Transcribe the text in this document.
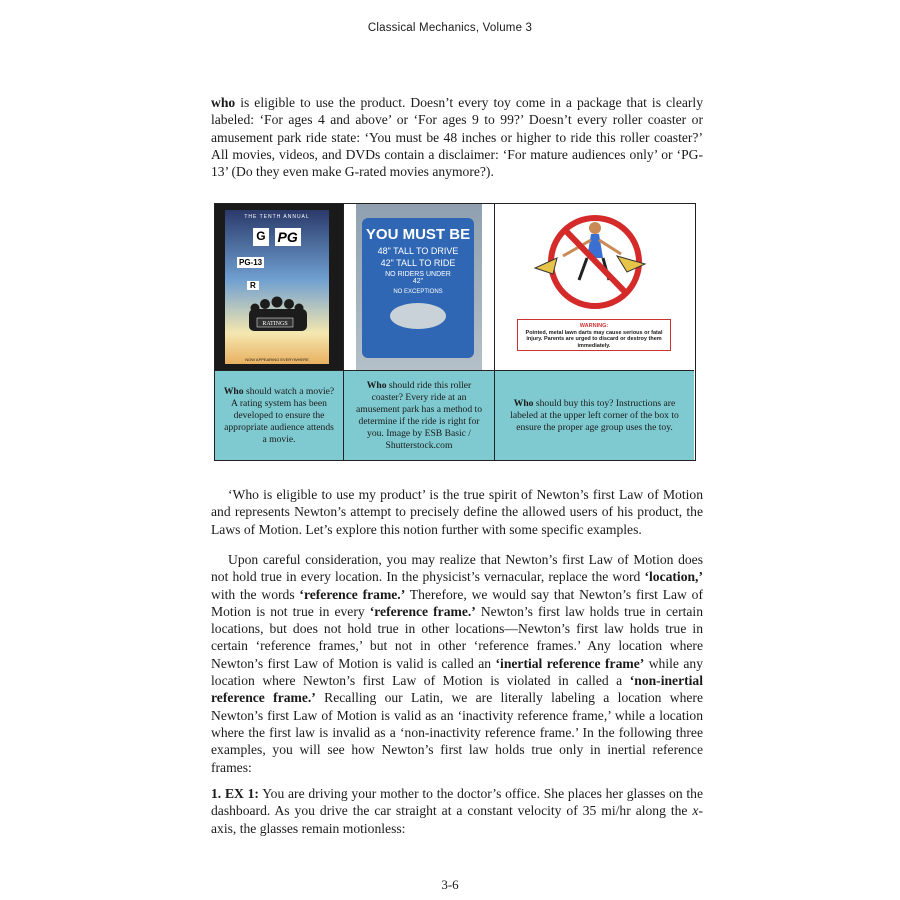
Classical Mechanics, Volume 3

who is eligible to use the product. Doesn’t every toy come in a package that is clearly labeled: ‘For ages 4 and above’ or ‘For ages 9 to 99?’ Doesn’t every roller coaster or amusement park ride state: ‘You must be 48 inches or higher to ride this roller coaster?’ All movies, videos, and DVDs contain a disclaimer: ‘For mature audiences only’ or ‘PG-13’ (Do they even make G-rated movies anymore?).

THE TENTH ANNUAL
G PG
PG-13
R
RATINGS
NOW APPEARING EVERYWHERE
Who should watch a movie? A rating system has been developed to ensure the appropriate audience attends a movie.
YOU MUST BE
48" TALL TO DRIVE
42" TALL TO RIDE
NO RIDERS UNDER 42"
NO EXCEPTIONS
Who should ride this roller coaster? Every ride at an amusement park has a method to determine if the ride is right for you. Image by ESB Basic / Shutterstock.com
WARNING:
Pointed, metal lawn darts may cause serious or fatal injury. Parents are urged to discard or destroy them immediately.
Who should buy this toy? Instructions are labeled at the upper left corner of the box to ensure the proper age group uses the toy.

‘Who is eligible to use my product’ is the true spirit of Newton’s first Law of Motion and represents Newton’s attempt to precisely define the allowed users of his product, the Laws of Motion. Let’s explore this notion further with some specific examples.

Upon careful consideration, you may realize that Newton’s first Law of Motion does not hold true in every location. In the physicist’s vernacular, replace the word ‘location,’ with the words ‘reference frame.’ Therefore, we would say that Newton’s first Law of Motion is not true in every ‘reference frame.’ Newton’s first law holds true in certain locations, but does not hold true in other locations—Newton’s first law holds true in certain ‘reference frames,’ but not in other ‘reference frames.’ Any location where Newton’s first Law of Motion is valid is called an ‘inertial reference frame’ while any location where Newton’s first Law of Motion is violated in called a ‘non-inertial reference frame.’ Recalling our Latin, we are literally labeling a location where Newton’s first Law of Motion is valid as an ‘inactivity reference frame,’ while a location where the first law is invalid as a ‘non-inactivity reference frame.’ In the following three examples, you will see how Newton’s first law holds true only in inertial reference frames:

1. EX 1: You are driving your mother to the doctor’s office. She places her glasses on the dashboard. As you drive the car straight at a constant velocity of 35 mi/hr along the x-axis, the glasses remain motionless:

3-6
